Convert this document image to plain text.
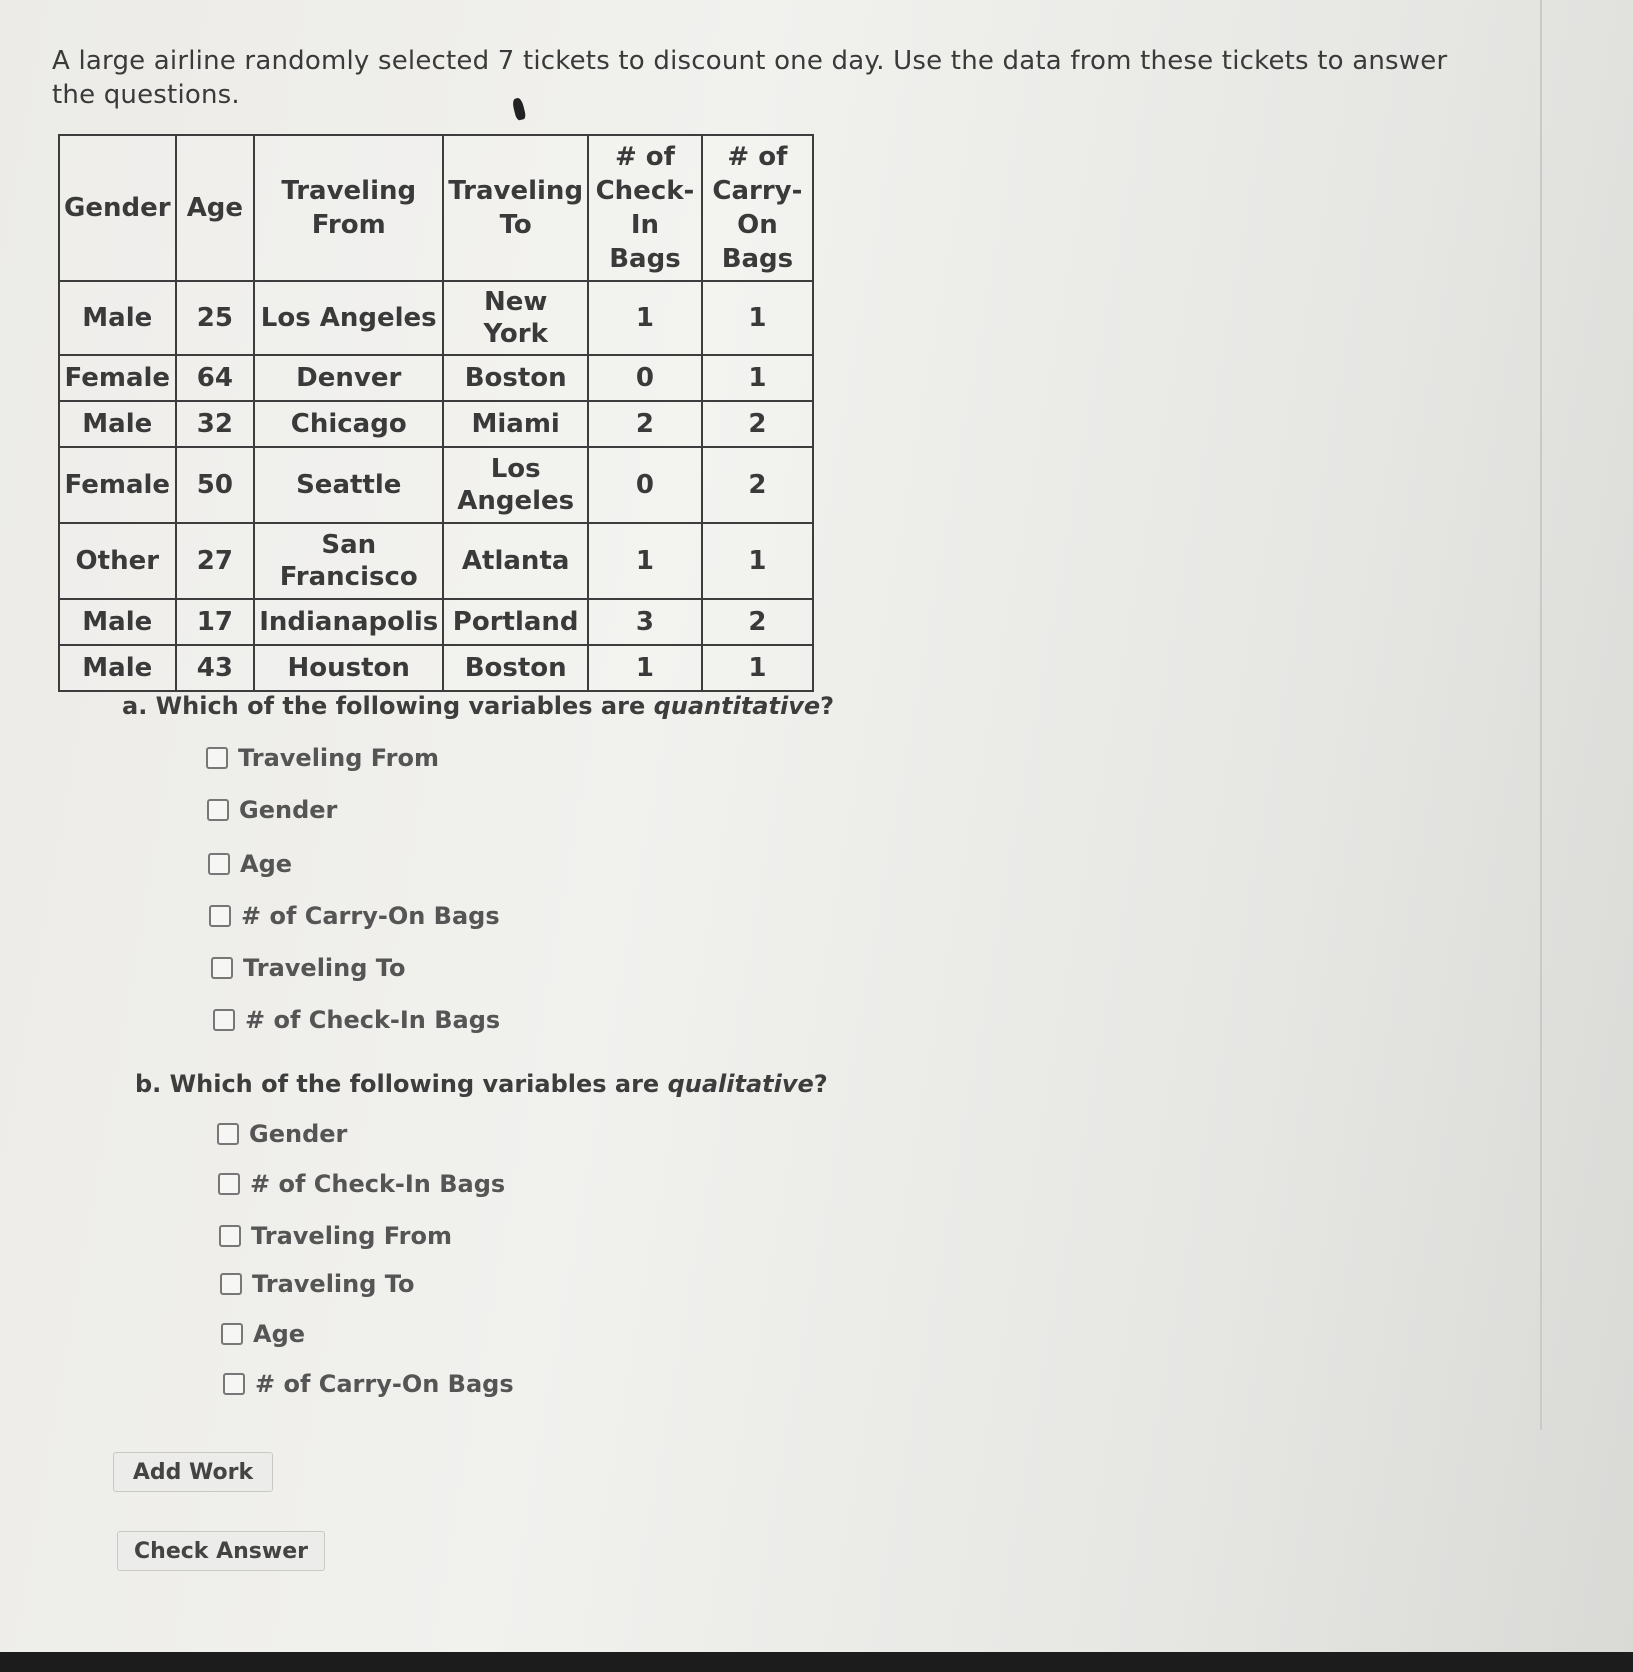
A large airline randomly selected 7 tickets to discount one day. Use the data from these tickets to answer the questions.
Gender	Age	Traveling From	Traveling To	# of Check-In Bags	# of Carry-On Bags
Male	25	Los Angeles	New York	1	1
Female	64	Denver	Boston	0	1
Male	32	Chicago	Miami	2	2
Female	50	Seattle	Los Angeles	0	2
Other	27	San Francisco	Atlanta	1	1
Male	17	Indianapolis	Portland	3	2
Male	43	Houston	Boston	1	1
a. Which of the following variables are quantitative?
Traveling From
Gender
Age
# of Carry-On Bags
Traveling To
# of Check-In Bags
b. Which of the following variables are qualitative?
Gender
# of Check-In Bags
Traveling From
Traveling To
Age
# of Carry-On Bags
Add Work
Check Answer
